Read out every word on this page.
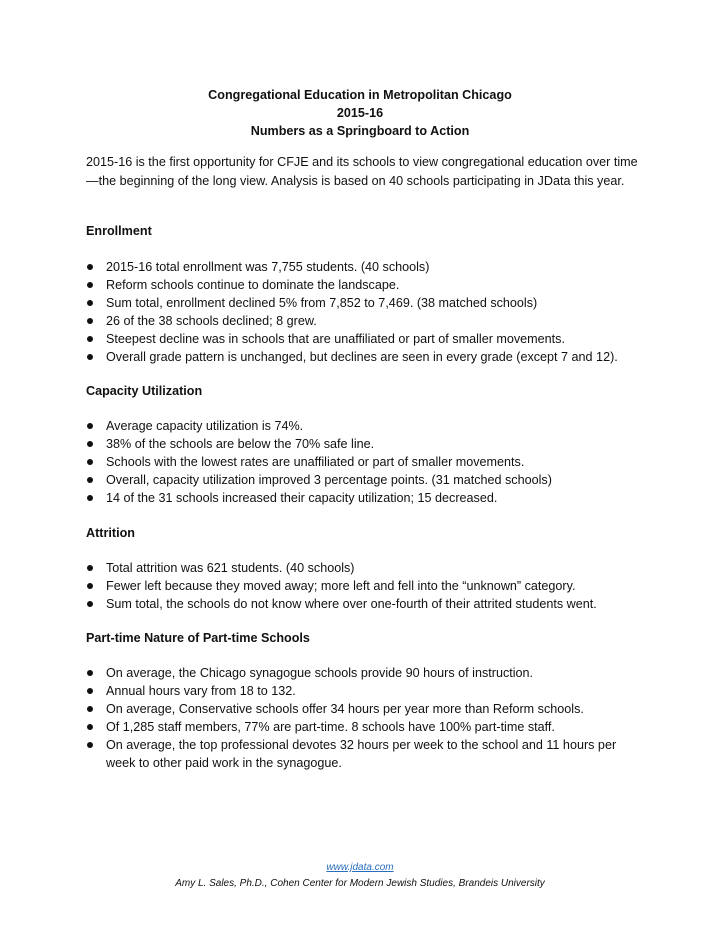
Congregational Education in Metropolitan Chicago
2015-16
Numbers as a Springboard to Action
2015-16 is the first opportunity for CFJE and its schools to view congregational education over time—the beginning of the long view. Analysis is based on 40 schools participating in JData this year.
Enrollment
2015-16 total enrollment was 7,755 students. (40 schools)
Reform schools continue to dominate the landscape.
Sum total, enrollment declined 5% from 7,852 to 7,469. (38 matched schools)
26 of the 38 schools declined; 8 grew.
Steepest decline was in schools that are unaffiliated or part of smaller movements.
Overall grade pattern is unchanged, but declines are seen in every grade (except 7 and 12).
Capacity Utilization
Average capacity utilization is 74%.
38% of the schools are below the 70% safe line.
Schools with the lowest rates are unaffiliated or part of smaller movements.
Overall, capacity utilization improved 3 percentage points. (31 matched schools)
14 of the 31 schools increased their capacity utilization; 15 decreased.
Attrition
Total attrition was 621 students. (40 schools)
Fewer left because they moved away; more left and fell into the “unknown” category.
Sum total, the schools do not know where over one-fourth of their attrited students went.
Part-time Nature of Part-time Schools
On average, the Chicago synagogue schools provide 90 hours of instruction.
Annual hours vary from 18 to 132.
On average, Conservative schools offer 34 hours per year more than Reform schools.
Of 1,285 staff members, 77% are part-time. 8 schools have 100% part-time staff.
On average, the top professional devotes 32 hours per week to the school and 11 hours per week to other paid work in the synagogue.
www.jdata.com
Amy L. Sales, Ph.D., Cohen Center for Modern Jewish Studies, Brandeis University
